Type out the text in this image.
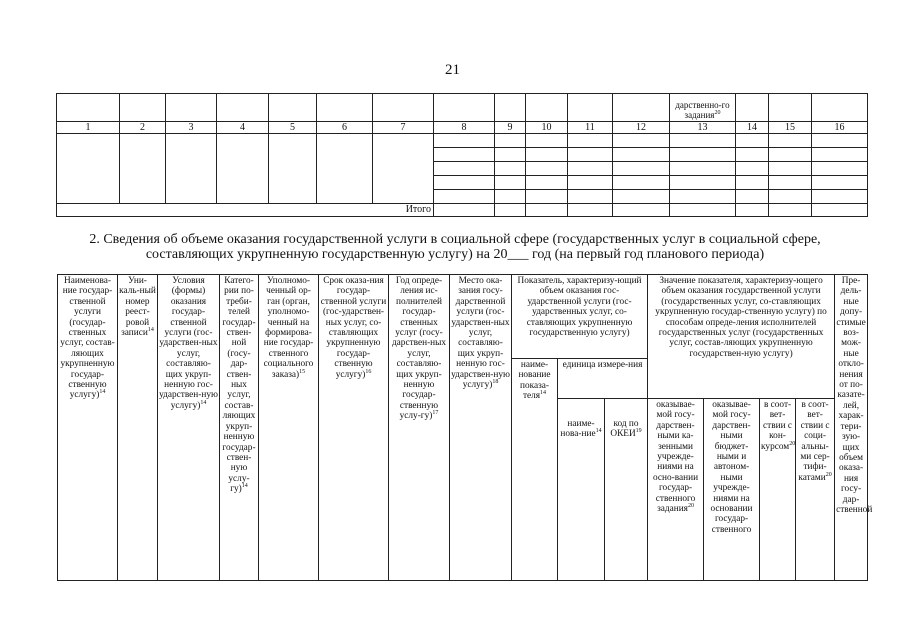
21
												дарственно-го задания$^{20}$			
1	2	3	4	5	6	7	8	9	10	11	12	13	14	15	16

Итого															
2. Сведения об объеме оказания государственной услуги в социальной сфере (государственных услуг в социальной сфере, составляющих укрупненную государственную услугу) на 20___ год (на первый год планового периода)
Наименова-ние государ-ственной услуги (государ-ственных услуг, состав-ляющих укрупненную государ-ственную услугу)$^{14}$	Уни-каль-ный номер реест-ровой записи$^{14}$	Условия (формы) оказания государ-ственной услуги (гос-ударствен-ных услуг, составляю-щих укруп-ненную гос-ударствен-ную услугу)$^{14}$	Катего-рии по-треби-телей государ-ствен-ной (госу-дар-ствен-ных услуг, состав-ляющих укруп-ненную государ-ствен-ную услу-гу)$^{14}$	Уполномо-ченный ор-ган (орган, уполномо-ченный на формирова-ние государ-ственного социального заказа)$^{15}$	Срок оказа-ния государ-ственной услуги (гос-ударствен-ных услуг, со-ставляющих укрупненную государ-ственную услугу)$^{16}$	Год опреде-ления ис-полнителей государ-ственных услуг (госу-дарствен-ных услуг, составляю-щих укруп-ненную государ-ственную услу-гу)$^{17}$	Место ока-зания госу-дарственной услуги (гос-ударствен-ных услуг, составляю-щих укруп-ненную гос-ударствен-ную услугу)$^{18}$	Показатель, характеризу-ющий объем оказания гос-ударственной услуги (гос-ударственных услуг, со-ставляющих укрупненную государственную услугу)			Значение показателя, характеризу-ющего объем оказания государственной услуги (государственных услуг, со-ставляющих укрупненную государ-ственную услугу) по способам опреде-ления исполнителей государственных услуг (государственных услуг, состав-ляющих укрупненную государствен-ную услугу)				Пре-дель-ные допу-стимые воз-мож-ные откло-нения от по-казате-лей, харак-тери-зую-щих объем оказа-ния госу-дар-ственной
								наиме-нование показа-теля$^{14}$	единица измере-ния						
									наиме-нова-ние$^{14}$	код по ОКЕИ$^{19}$	оказывае-мой госу-дарствен-ными ка-зенными учрежде-ниями на осно-вании государ-ственного задания$^{20}$	оказывае-мой госу-дарствен-ными бюджет-ными и автоном-ными учрежде-ниями на основании государ-ственного	в соот-вет-ствии с кон-курсом$^{20}$	в соот-вет-ствии с соци-альны-ми сер-тифи-катами$^{20}$
